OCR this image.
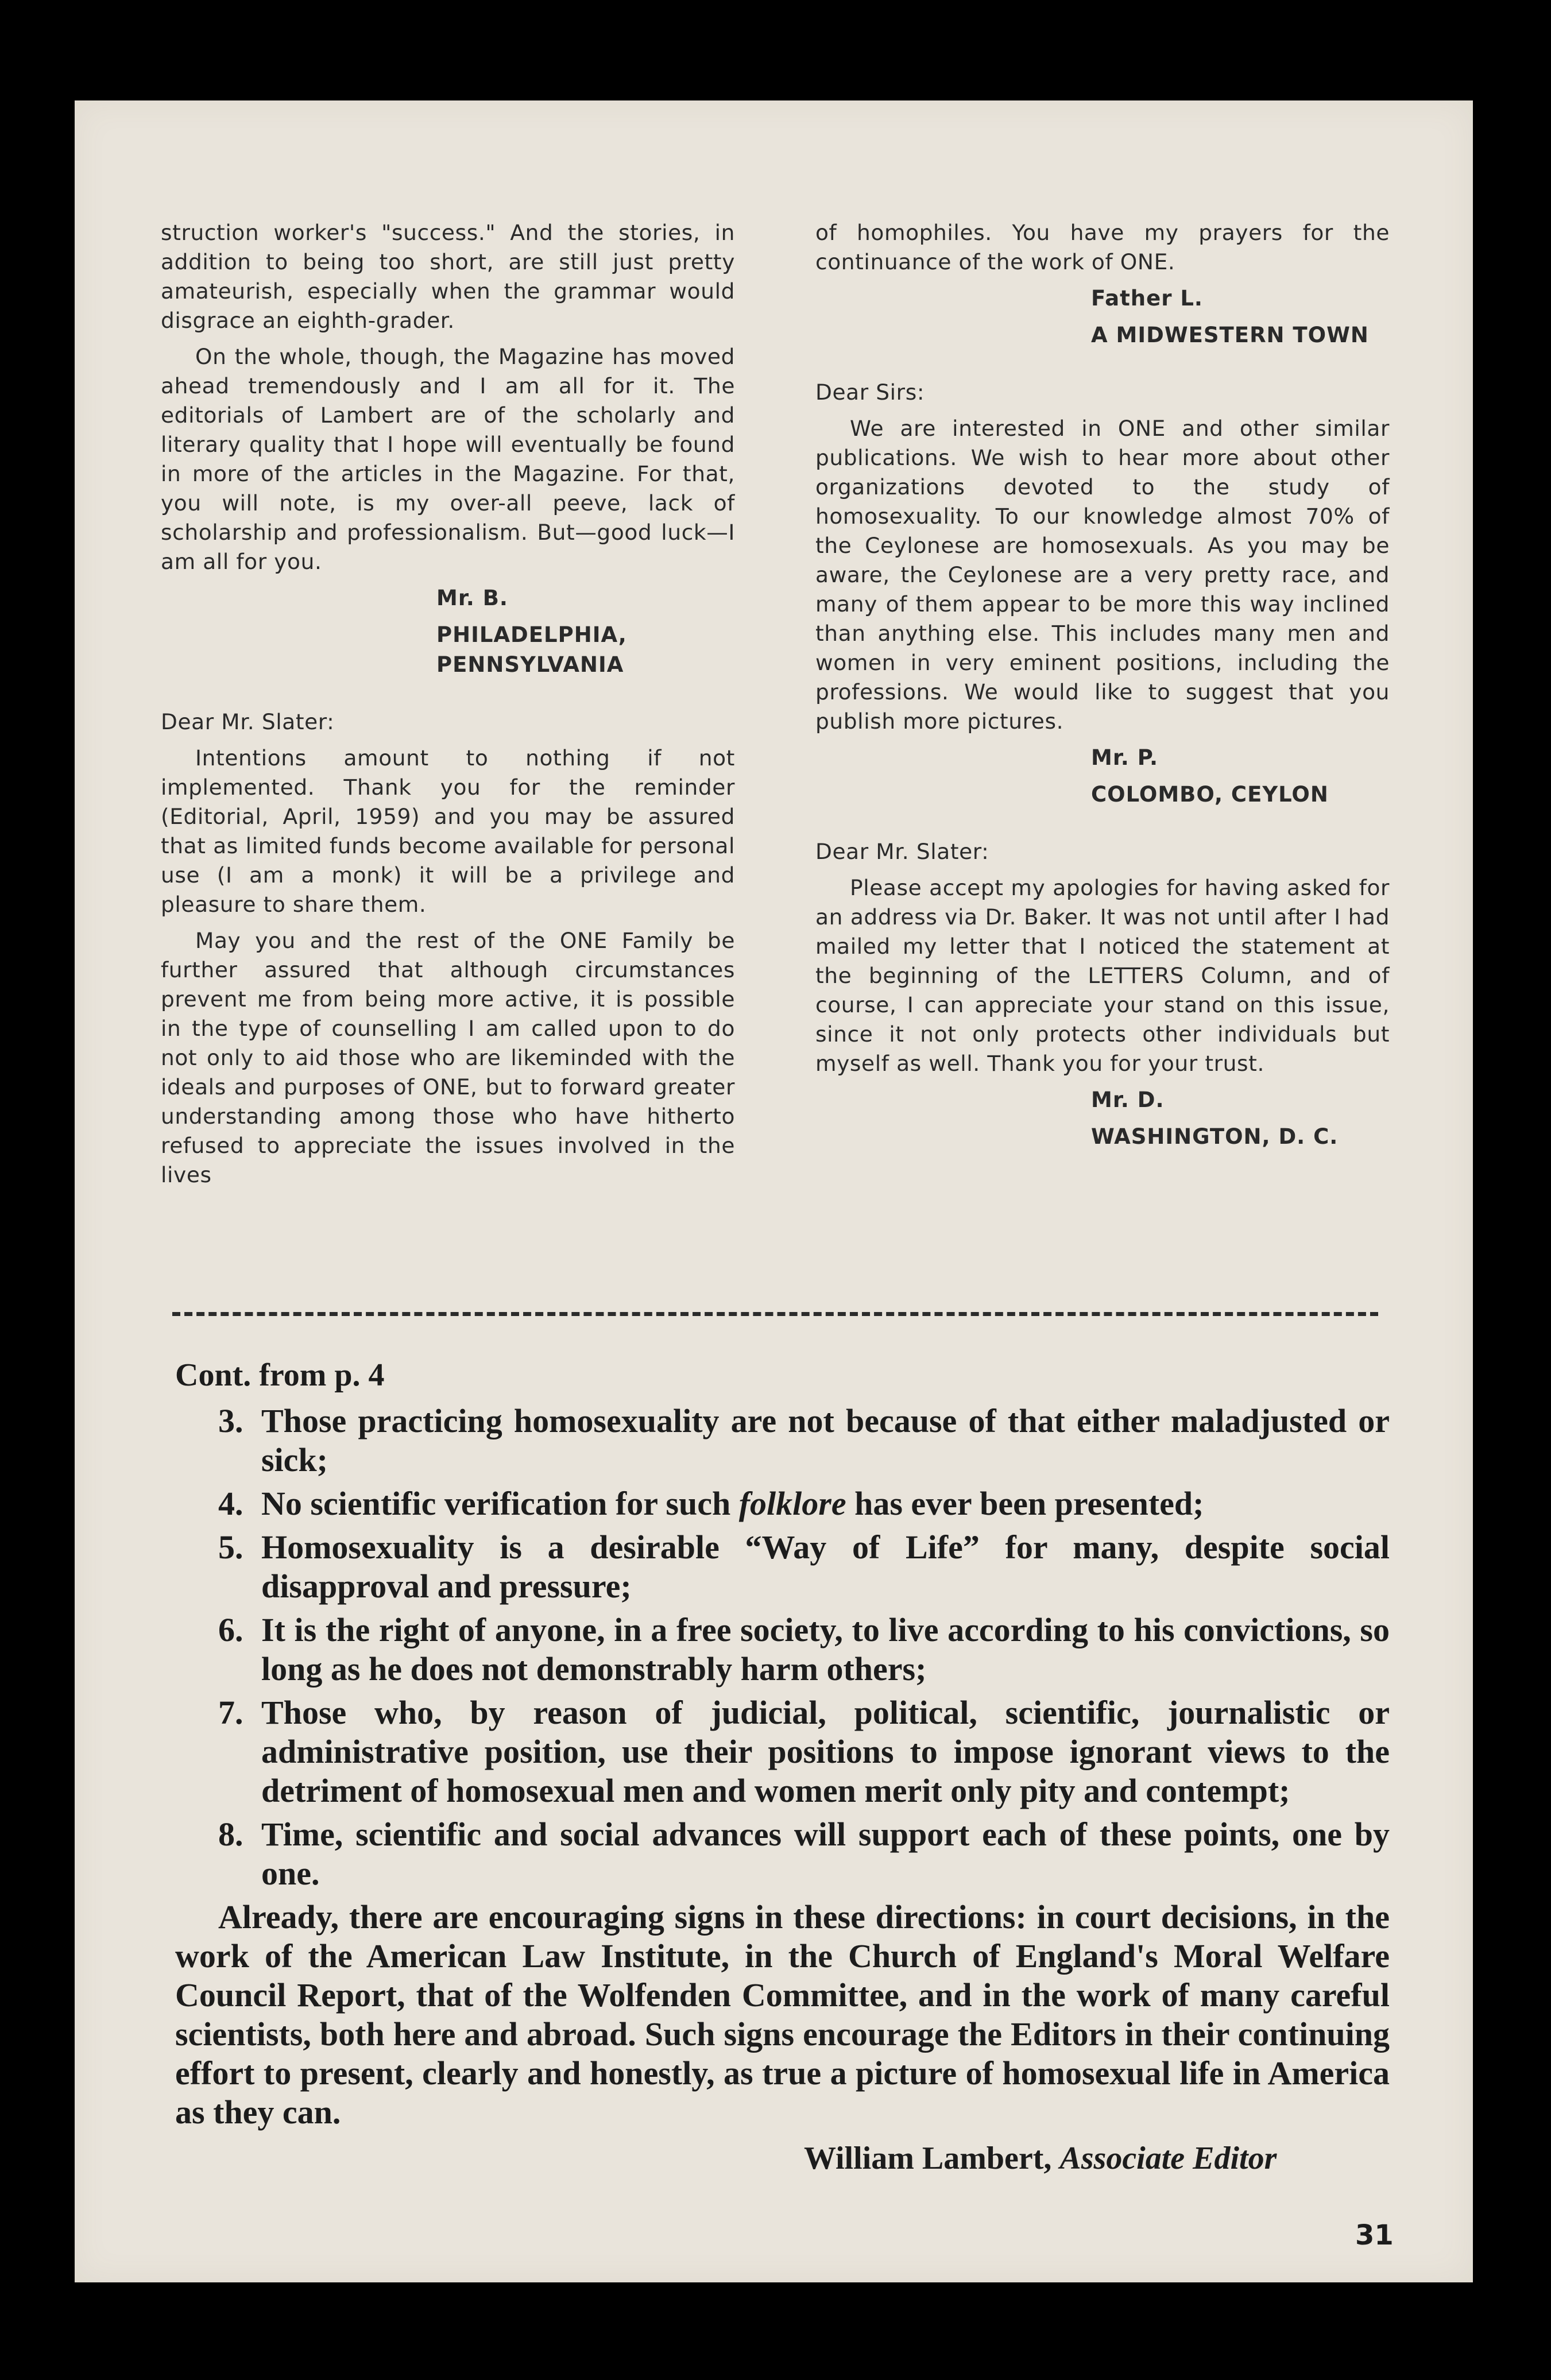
struction worker's "success." And the stories, in addition to being too short, are still just pretty amateurish, especially when the grammar would disgrace an eighth-grader.

On the whole, though, the Magazine has moved ahead tremendously and I am all for it. The editorials of Lambert are of the scholarly and literary quality that I hope will eventually be found in more of the articles in the Magazine. For that, you will note, is my over-all peeve, lack of scholarship and professionalism. But—good luck—I am all for you.

Mr. B.

PHILADELPHIA, PENNSYLVANIA

Dear Mr. Slater:

Intentions amount to nothing if not implemented. Thank you for the reminder (Editorial, April, 1959) and you may be assured that as limited funds become available for personal use (I am a monk) it will be a privilege and pleasure to share them.

May you and the rest of the ONE Family be further assured that although circumstances prevent me from being more active, it is possible in the type of counselling I am called upon to do not only to aid those who are likeminded with the ideals and purposes of ONE, but to forward greater understanding among those who have hitherto refused to appreciate the issues involved in the lives

of homophiles. You have my prayers for the continuance of the work of ONE.

Father L.

A MIDWESTERN TOWN

Dear Sirs:

We are interested in ONE and other similar publications. We wish to hear more about other organizations devoted to the study of homosexuality. To our knowledge almost 70% of the Ceylonese are homosexuals. As you may be aware, the Ceylonese are a very pretty race, and many of them appear to be more this way inclined than anything else. This includes many men and women in very eminent positions, including the professions. We would like to suggest that you publish more pictures.

Mr. P.

COLOMBO, CEYLON

Dear Mr. Slater:

Please accept my apologies for having asked for an address via Dr. Baker. It was not until after I had mailed my letter that I noticed the statement at the beginning of the LETTERS Column, and of course, I can appreciate your stand on this issue, since it not only protects other individuals but myself as well. Thank you for your trust.

Mr. D.

WASHINGTON, D. C.

Cont. from p. 4

3. Those practicing homosexuality are not because of that either maladjusted or sick;

4. No scientific verification for such folklore has ever been presented;

5. Homosexuality is a desirable “Way of Life” for many, despite social disapproval and pressure;

6. It is the right of anyone, in a free society, to live according to his convictions, so long as he does not demonstrably harm others;

7. Those who, by reason of judicial, political, scientific, journalistic or administrative position, use their positions to impose ignorant views to the detriment of homosexual men and women merit only pity and contempt;

8. Time, scientific and social advances will support each of these points, one by one.

Already, there are encouraging signs in these directions: in court decisions, in the work of the American Law Institute, in the Church of England's Moral Welfare Council Report, that of the Wolfenden Committee, and in the work of many careful scientists, both here and abroad. Such signs encourage the Editors in their continuing effort to present, clearly and honestly, as true a picture of homosexual life in America as they can.

William Lambert, Associate Editor

31
